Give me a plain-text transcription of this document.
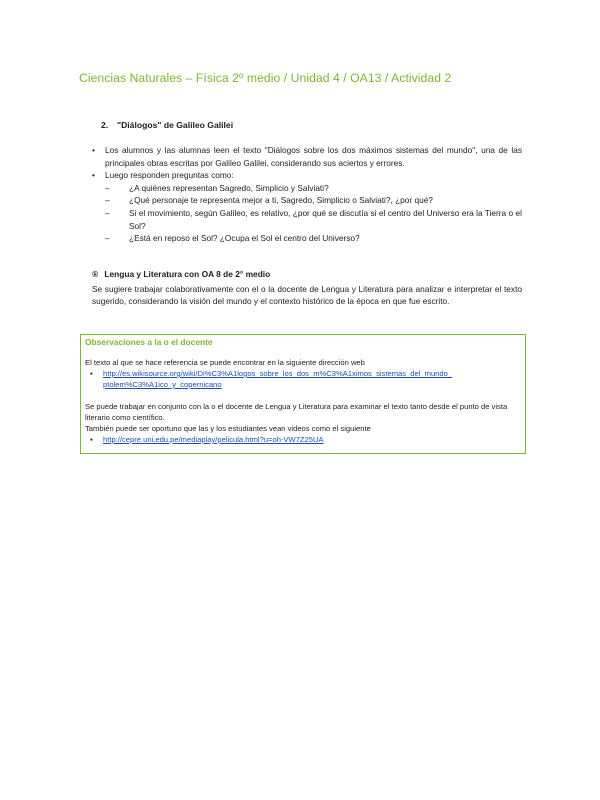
Ciencias Naturales – Física 2º medio / Unidad 4 / OA13 / Actividad 2
2. "Diálogos" de Galileo Galilei
• Los alumnos y las alumnas leen el texto "Diálogos sobre los dos máximos sistemas del mundo", una de las principales obras escritas por Galileo Galilei, considerando sus aciertos y errores.
• Luego responden preguntas como:
– ¿A quiénes representan Sagredo, Simplicio y Salviati?
– ¿Qué personaje te representa mejor a ti, Sagredo, Simplicio o Salviati?, ¿por qué?
– Si el movimiento, según Galileo, es relativo, ¿por qué se discutía si el centro del Universo era la Tierra o el Sol?
– ¿Está en reposo el Sol? ¿Ocupa el Sol el centro del Universo?
® Lengua y Literatura con OA 8 de 2° medio
Se sugiere trabajar colaborativamente con el o la docente de Lengua y Literatura para analizar e interpretar el texto sugerido, considerando la visión del mundo y el contexto histórico de la época en que fue escrito.
Observaciones a la o el docente
El texto al que se hace referencia se puede encontrar en la siguiente dirección web
▪ http://es.wikisource.org/wiki/Di%C3%A1logos_sobre_los_dos_m%C3%A1ximos_sistemas_del_mundo_
ptolem%C3%A1ico_y_copernicano
Se puede trabajar en conjunto con la o el docente de Lengua y Literatura para examinar el texto tanto desde el punto de vista literario como científico.
También puede ser oportuno que las y los estudiantes vean videos como el siguiente
▪ http://cepre.uni.edu.pe/mediaplay/pelicula.html?u=oh-VW7Z25UA
